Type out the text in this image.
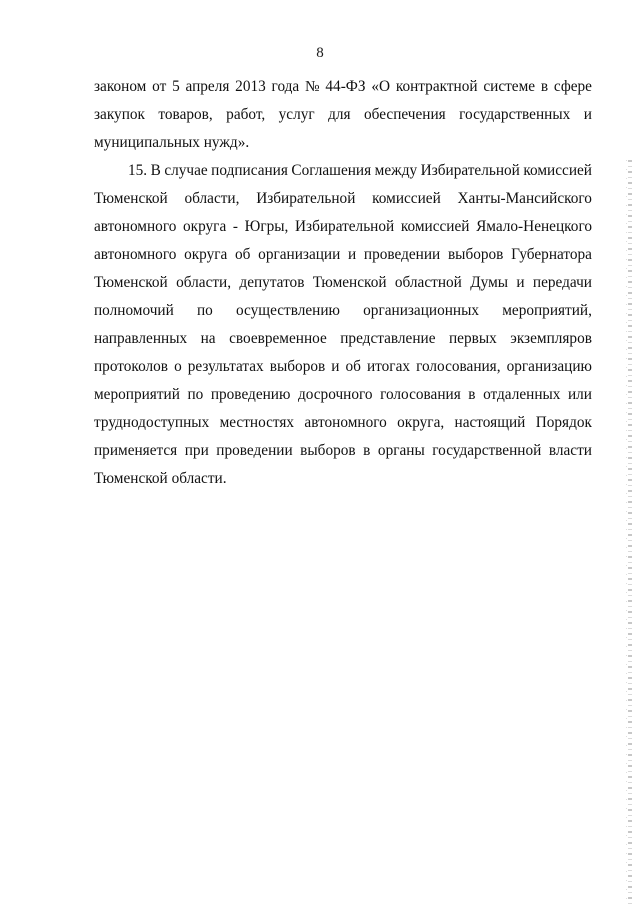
8
законом от 5 апреля 2013 года № 44-ФЗ «О контрактной системе в сфере
закупок товаров, работ, услуг для обеспечения государственных и
муниципальных нужд».
15. В случае подписания Соглашения между Избирательной комиссией
Тюменской области, Избирательной комиссией Ханты-Мансийского
автономного округа - Югры, Избирательной комиссией Ямало-Ненецкого
автономного округа об организации и проведении выборов Губернатора
Тюменской области, депутатов Тюменской областной Думы и передачи
полномочий по осуществлению организационных мероприятий,
направленных на своевременное представление первых экземпляров
протоколов о результатах выборов и об итогах голосования, организацию
мероприятий по проведению досрочного голосования в отдаленных или
труднодоступных местностях автономного округа, настоящий Порядок
применяется при проведении выборов в органы государственной власти
Тюменской области.
